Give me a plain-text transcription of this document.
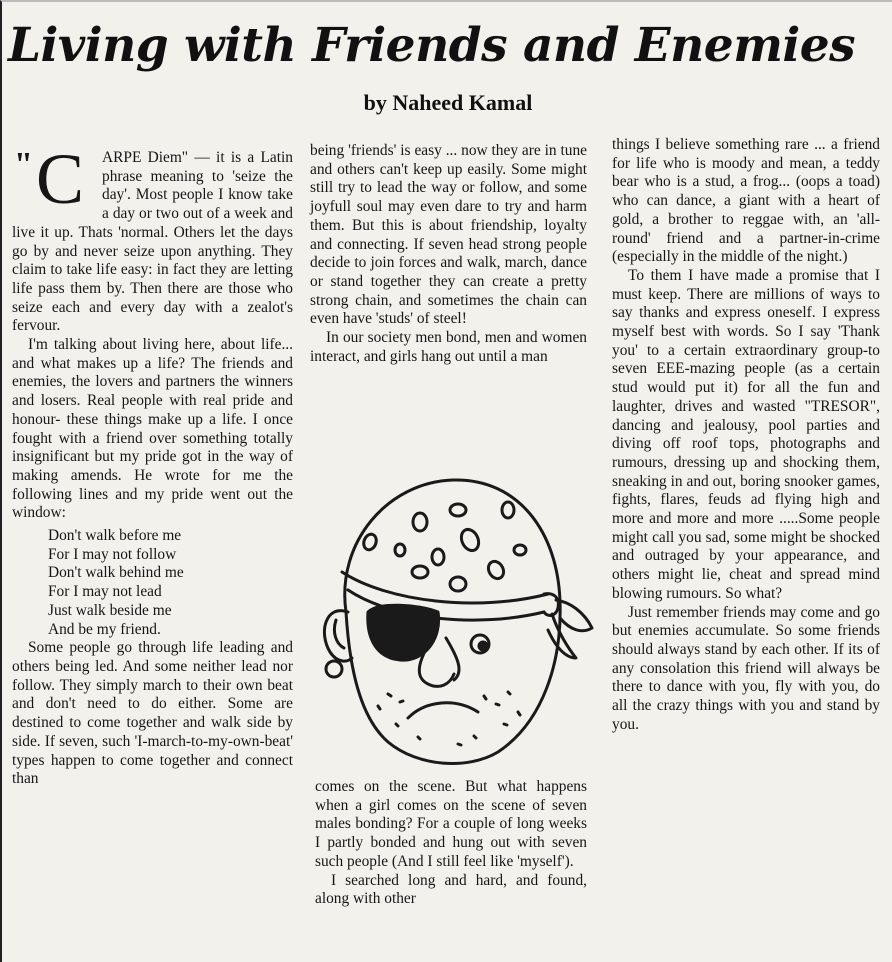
Living with Friends and Enemies
by Naheed Kamal

" C ARPE Diem" — it is a Latin phrase meaning to 'seize the day'. Most people I know take a day or two out of a week and live it up. Thats 'normal. Others let the days go by and never seize upon anything. They claim to take life easy: in fact they are letting life pass them by. Then there are those who seize each and every day with a zealot's fervour.

I'm talking about living here, about life... and what makes up a life? The friends and enemies, the lovers and partners the winners and losers. Real people with real pride and honour- these things make up a life. I once fought with a friend over something totally insignificant but my pride got in the way of making amends. He wrote for me the following lines and my pride went out the window:

Don't walk before me
For I may not follow
Don't walk behind me
For I may not lead
Just walk beside me
And be my friend.

Some people go through life leading and others being led. And some neither lead nor follow. They simply march to their own beat and don't need to do either. Some are destined to come together and walk side by side. If seven, such 'I-march-to-my-own-beat' types happen to come together and connect than

being 'friends' is easy ... now they are in tune and others can't keep up easily. Some might still try to lead the way or follow, and some joyfull soul may even dare to try and harm them. But this is about friendship, loyalty and connecting. If seven head strong people decide to join forces and walk, march, dance or stand together they can create a pretty strong chain, and sometimes the chain can even have 'studs' of steel!

In our society men bond, men and women interact, and girls hang out until a man

comes on the scene. But what happens when a girl comes on the scene of seven males bonding? For a couple of long weeks I partly bonded and hung out with seven such people (And I still feel like 'myself').

I searched long and hard, and found, along with other

things I believe something rare ... a friend for life who is moody and mean, a teddy bear who is a stud, a frog... (oops a toad) who can dance, a giant with a heart of gold, a brother to reggae with, an 'all-round' friend and a partner-in-crime (especially in the middle of the night.)

To them I have made a promise that I must keep. There are millions of ways to say thanks and express oneself. I express myself best with words. So I say 'Thank you' to a certain extraordinary group-to seven EEE-mazing people (as a certain stud would put it) for all the fun and laughter, drives and wasted "TRESOR", dancing and jealousy, pool parties and diving off roof tops, photographs and rumours, dressing up and shocking them, sneaking in and out, boring snooker games, fights, flares, feuds ad flying high and more and more and more .....Some people might call you sad, some might be shocked and outraged by your appearance, and others might lie, cheat and spread mind blowing rumours. So what?

Just remember friends may come and go but enemies accumulate. So some friends should always stand by each other. If its of any consolation this friend will always be there to dance with you, fly with you, do all the crazy things with you and stand by you.
